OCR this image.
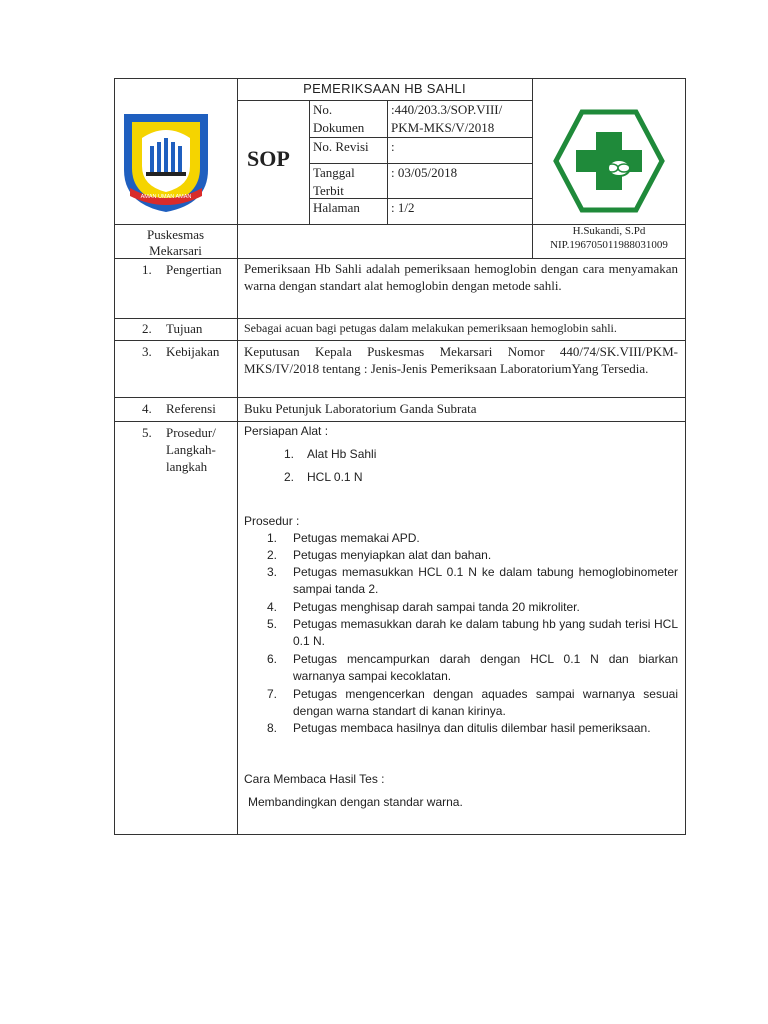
AMAN UMAN AMAN
PEMERIKSAAN HB SAHLI
SOP
No. Dokumen
:440/203.3/SOP.VIII/ PKM-MKS/V/2018
No. Revisi :
Tanggal Terbit
: 03/05/2018
Halaman : 1/2
Puskesmas
Mekarsari
H.Sukandi, S.Pd
NIP.196705011988031009
1. Pengertian Pemeriksaan Hb Sahli adalah pemeriksaan hemoglobin dengan cara menyamakan warna dengan standart alat hemoglobin dengan metode sahli.
2. Tujuan	Sebagai acuan bagi petugas dalam melakukan pemeriksaan hemoglobin sahli.
3. Kebijakan Keputusan Kepala Puskesmas Mekarsari Nomor 440/74/SK.VIII/PKM-MKS/IV/2018 tentang : Jenis-Jenis Pemeriksaan LaboratoriumYang Tersedia.
4. Referensi Buku Petunjuk Laboratorium Ganda Subrata
5. Prosedur/
Langkah-
langkah
Persiapan Alat :
1. Alat Hb Sahli
2. HCL 0.1 N
Prosedur :
1. Petugas memakai APD.
2. Petugas menyiapkan alat dan bahan.
3. Petugas memasukkan HCL 0.1 N ke dalam tabung hemoglobinometer sampai tanda 2.
4. Petugas menghisap darah sampai tanda 20 mikroliter.
5. Petugas memasukkan darah ke dalam tabung hb yang sudah terisi HCL 0.1 N.
6. Petugas mencampurkan darah dengan HCL 0.1 N dan biarkan warnanya sampai kecoklatan.
7. Petugas mengencerkan dengan aquades sampai warnanya sesuai dengan warna standart di kanan kirinya.
8. Petugas membaca hasilnya dan ditulis dilembar hasil pemeriksaan.
Cara Membaca Hasil Tes :
Membandingkan dengan standar warna.
